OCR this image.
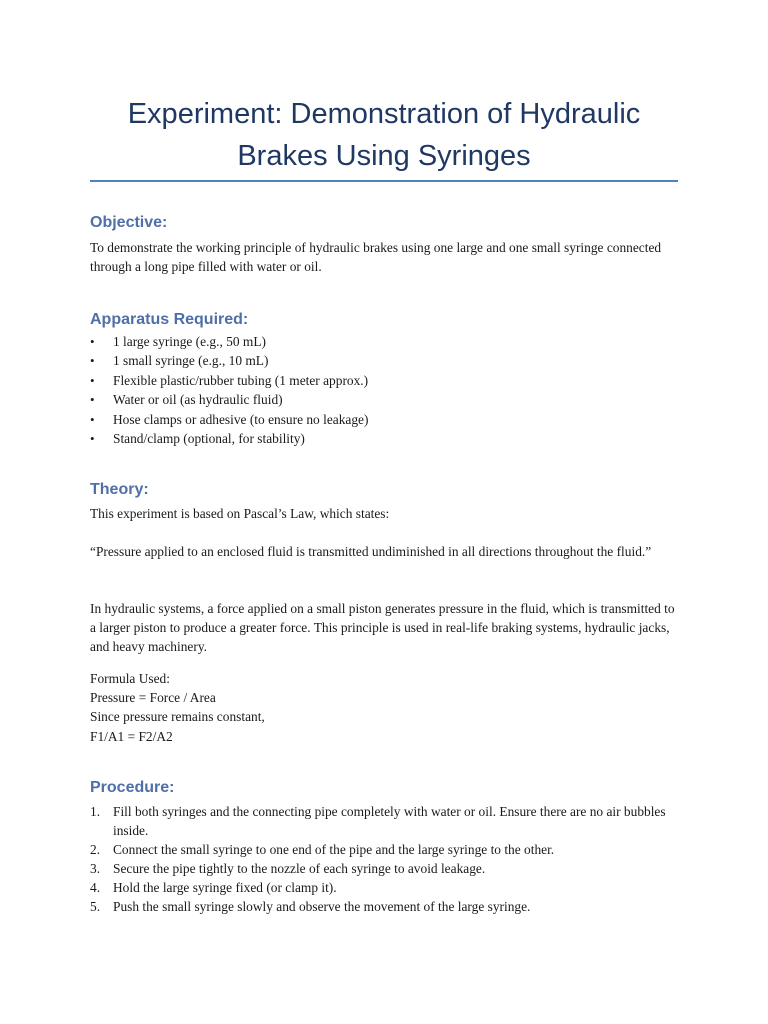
Experiment: Demonstration of Hydraulic Brakes Using Syringes
Objective:

To demonstrate the working principle of hydraulic brakes using one large and one small syringe connected through a long pipe filled with water or oil.

Apparatus Required:
• 1 large syringe (e.g., 50 mL)
• 1 small syringe (e.g., 10 mL)
• Flexible plastic/rubber tubing (1 meter approx.)
• Water or oil (as hydraulic fluid)
• Hose clamps or adhesive (to ensure no leakage)
• Stand/clamp (optional, for stability)
Theory:

This experiment is based on Pascal’s Law, which states:

“Pressure applied to an enclosed fluid is transmitted undiminished in all directions throughout the fluid.”

In hydraulic systems, a force applied on a small piston generates pressure in the fluid, which is transmitted to a larger piston to produce a greater force. This principle is used in real-life braking systems, hydraulic jacks, and heavy machinery.

Formula Used:

Pressure = Force / Area

Since pressure remains constant,

F1/A1 = F2/A2

Procedure:
1. Fill both syringes and the connecting pipe completely with water or oil. Ensure there are no air bubbles inside.
2. Connect the small syringe to one end of the pipe and the large syringe to the other.
3. Secure the pipe tightly to the nozzle of each syringe to avoid leakage.
4. Hold the large syringe fixed (or clamp it).
5. Push the small syringe slowly and observe the movement of the large syringe.
